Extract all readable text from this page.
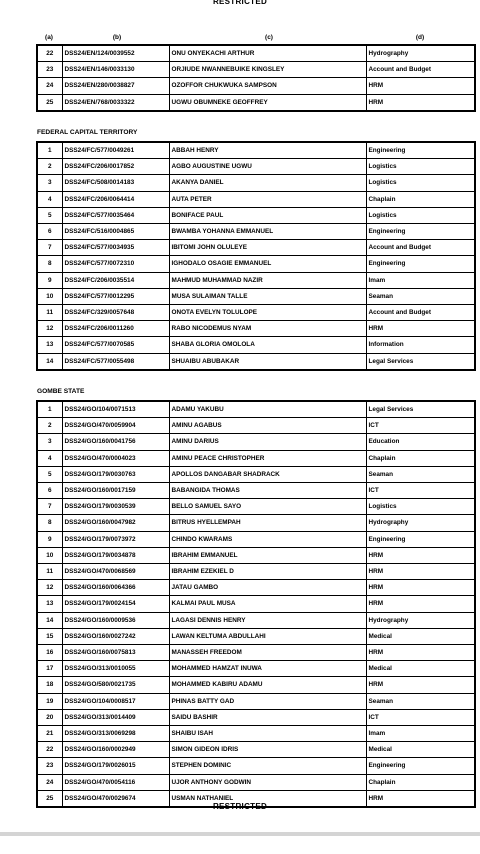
RESTRICTED
(a)	(b)	(c)	(d)
22	DSS24/EN/124/0039552	ONU ONYEKACHI ARTHUR	Hydrography
23	DSS24/EN/146/0033130	ORJIUDE NWANNEBUIKE KINGSLEY	Account and Budget
24	DSS24/EN/280/0038827	OZOFFOR CHUKWUKA SAMPSON	HRM
25	DSS24/EN/768/0033322	UGWU OBUMNEKE GEOFFREY	HRM
FEDERAL CAPITAL TERRITORY
1	DSS24/FC/577/0049261	ABBAH HENRY	Engineering
2	DSS24/FC/206/0017852	AGBO AUGUSTINE UGWU	Logistics
3	DSS24/FC/508/0014183	AKANYA DANIEL	Logistics
4	DSS24/FC/206/0064414	AUTA PETER	Chaplain
5	DSS24/FC/577/0035464	BONIFACE PAUL	Logistics
6	DSS24/FC/516/0004865	BWAMBA YOHANNA EMMANUEL	Engineering
7	DSS24/FC/577/0034935	IBITOMI JOHN OLULEYE	Account and Budget
8	DSS24/FC/577/0072310	IGHODALO OSAGIE EMMANUEL	Engineering
9	DSS24/FC/206/0035514	MAHMUD MUHAMMAD NAZIR	Imam
10	DSS24/FC/577/0012295	MUSA SULAIMAN TALLE	Seaman
11	DSS24/FC/329/0057648	ONOTA EVELYN TOLULOPE	Account and Budget
12	DSS24/FC/206/0011260	RABO NICODEMUS NYAM	HRM
13	DSS24/FC/577/0070585	SHABA GLORIA OMOLOLA	Information
14	DSS24/FC/577/0055498	SHUAIBU ABUBAKAR	Legal Services
GOMBE STATE
1	DSS24/GO/104/0071513	ADAMU YAKUBU	Legal Services
2	DSS24/GO/470/0059904	AMINU AGABUS	ICT
3	DSS24/GO/160/0041756	AMINU DARIUS	Education
4	DSS24/GO/470/0004023	AMINU PEACE CHRISTOPHER	Chaplain
5	DSS24/GO/179/0030763	APOLLOS DANGABAR SHADRACK	Seaman
6	DSS24/GO/160/0017159	BABANGIDA THOMAS	ICT
7	DSS24/GO/179/0030539	BELLO SAMUEL SAYO	Logistics
8	DSS24/GO/160/0047982	BITRUS HYELLEMPAH	Hydrography
9	DSS24/GO/179/0073972	CHINDO KWARAMS	Engineering
10	DSS24/GO/179/0034878	IBRAHIM EMMANUEL	HRM
11	DSS24/GO/470/0068569	IBRAHIM EZEKIEL D	HRM
12	DSS24/GO/160/0064366	JATAU GAMBO	HRM
13	DSS24/GO/179/0024154	KALMAI PAUL MUSA	HRM
14	DSS24/GO/160/0009536	LAGASI DENNIS HENRY	Hydrography
15	DSS24/GO/160/0027242	LAWAN KELTUMA ABDULLAHI	Medical
16	DSS24/GO/160/0075813	MANASSEH FREEDOM	HRM
17	DSS24/GO/313/0010055	MOHAMMED HAMZAT INUWA	Medical
18	DSS24/GO/580/0021735	MOHAMMED KABIRU ADAMU	HRM
19	DSS24/GO/104/0008517	PHINAS BATTY GAD	Seaman
20	DSS24/GO/313/0014409	SAIDU BASHIR	ICT
21	DSS24/GO/313/0069298	SHAIBU ISAH	Imam
22	DSS24/GO/160/0002949	SIMON GIDEON IDRIS	Medical
23	DSS24/GO/179/0026015	STEPHEN DOMINIC	Engineering
24	DSS24/GO/470/0054116	UJOR ANTHONY GODWIN	Chaplain
25	DSS24/GO/470/0029674	USMAN NATHANIEL	HRM
RESTRICTED
